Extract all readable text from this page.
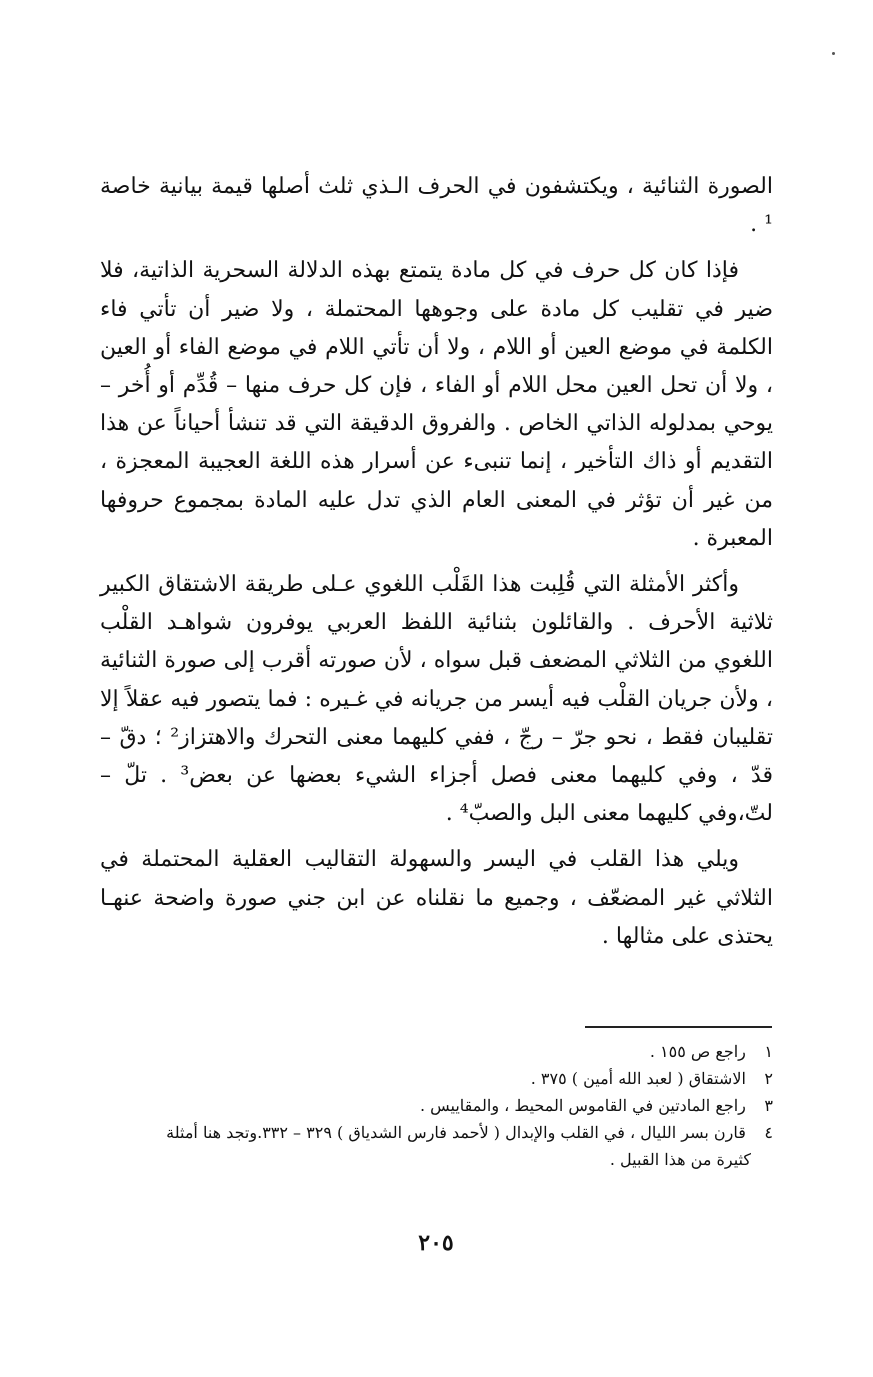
الصورة الثنائية ، ويكتشفون في الحرف الـذي ثلث أصلها قيمة بيانية خاصة ¹ .

فإذا كان كل حرف في كل مادة يتمتع بهذه الدلالة السحرية الذاتية، فلا ضير في تقليب كل مادة على وجوهها المحتملة ، ولا ضير أن تأتي فاء الكلمة في موضع العين أو اللام ، ولا أن تأتي اللام في موضع الفاء أو العين ، ولا أن تحل العين محل اللام أو الفاء ، فإن كل حرف منها – قُدِّم أو أُخر – يوحي بمدلوله الذاتي الخاص . والفروق الدقيقة التي قد تنشأ أحياناً عن هذا التقديم أو ذاك التأخير ، إنما تنبىء عن أسرار هذه اللغة العجيبة المعجزة ، من غير أن تؤثر في المعنى العام الذي تدل عليه المادة بمجموع حروفها المعبرة .

وأكثر الأمثلة التي قُلِبت هذا القَلْب اللغوي عـلى طريقة الاشتقاق الكبير ثلاثية الأحرف . والقائلون بثنائية اللفظ العربي يوفرون شواهـد القلْب اللغوي من الثلاثي المضعف قبل سواه ، لأن صورته أقرب إلى صورة الثنائية ، ولأن جريان القلْب فيه أيسر من جريانه في غـيره : فما يتصور فيه عقلاً إلا تقليبان فقط ، نحو جرّ – رجّ ، ففي كليهما معنى التحرك والاهتزاز² ؛ دقّ – قدّ ، وفي كليهما معنى فصل أجزاء الشيء بعضها عن بعض³ . تلّ – لتّ،وفي كليهما معنى البل والصبّ⁴ .

ويلي هذا القلب في اليسر والسهولة التقاليب العقلية المحتملة في الثلاثي غير المضعّف ، وجميع ما نقلناه عن ابن جني صورة واضحة عنهـا يحتذى على مثالها .

١ راجع ص ١٥٥ .

٢ الاشتقاق ( لعبد الله أمين ) ٣٧٥ .

٣ راجع المادتين في القاموس المحيط ، والمقاييس .

٤ قارن بسر الليال ، في القلب والإبدال ( لأحمد فارس الشدياق ) ٣٢٩ – ٣٣٢.وتجد هنا أمثلة

كثيرة من هذا القبيل .

٢٠٥
